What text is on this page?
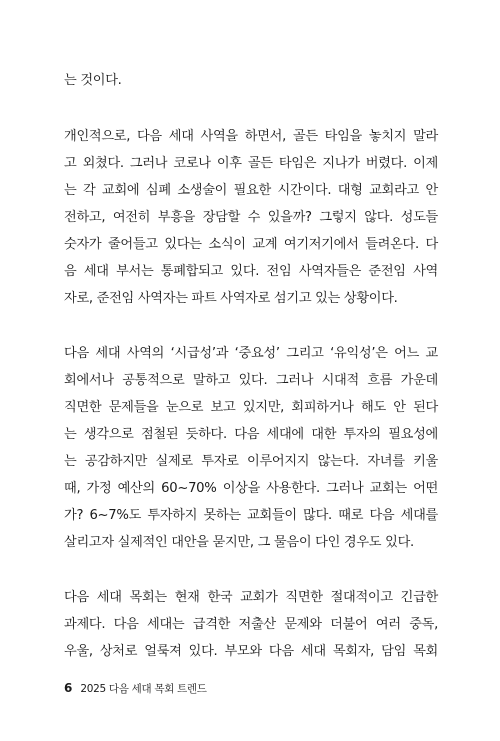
는 것이다.
개인적으로, 다음 세대 사역을 하면서, 골든 타임을 놓치지 말라
고 외쳤다. 그러나 코로나 이후 골든 타임은 지나가 버렸다. 이제
는 각 교회에 심폐 소생술이 필요한 시간이다. 대형 교회라고 안
전하고, 여전히 부흥을 장담할 수 있을까? 그렇지 않다. 성도들
숫자가 줄어들고 있다는 소식이 교계 여기저기에서 들려온다. 다
음 세대 부서는 통폐합되고 있다. 전임 사역자들은 준전임 사역
자로, 준전임 사역자는 파트 사역자로 섬기고 있는 상황이다.
다음 세대 사역의 ‘시급성’과 ‘중요성’ 그리고 ‘유익성’은 어느 교
회에서나 공통적으로 말하고 있다. 그러나 시대적 흐름 가운데
직면한 문제들을 눈으로 보고 있지만, 회피하거나 해도 안 된다
는 생각으로 점철된 듯하다. 다음 세대에 대한 투자의 필요성에
는 공감하지만 실제로 투자로 이루어지지 않는다. 자녀를 키울
때, 가정 예산의 60~70% 이상을 사용한다. 그러나 교회는 어떤
가? 6~7%도 투자하지 못하는 교회들이 많다. 때로 다음 세대를
살리고자 실제적인 대안을 묻지만, 그 물음이 다인 경우도 있다.
다음 세대 목회는 현재 한국 교회가 직면한 절대적이고 긴급한
과제다. 다음 세대는 급격한 저출산 문제와 더불어 여러 중독,
우울, 상처로 얼룩져 있다. 부모와 다음 세대 목회자, 담임 목회
6 2025 다음 세대 목회 트렌드
